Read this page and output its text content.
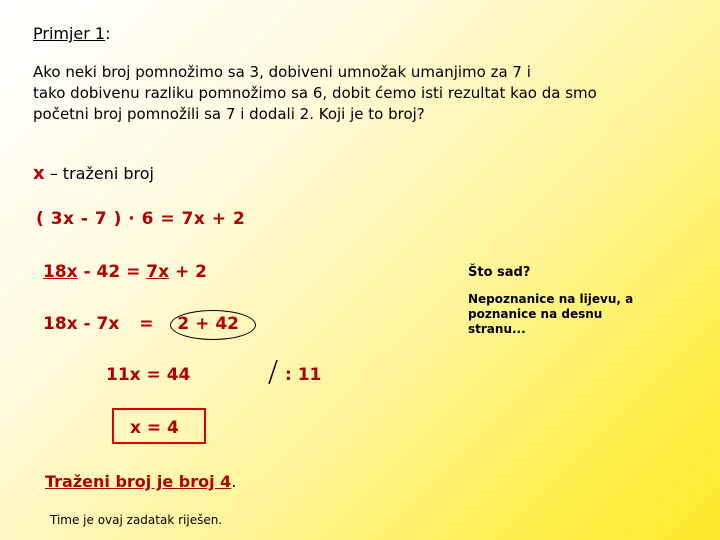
Primjer 1:
Ako neki broj pomnožimo sa 3, dobiveni umnožak umanjimo za 7 i
tako dobivenu razliku pomnožimo sa 6, dobit ćemo isti rezultat kao da smo
početni broj pomnožili sa 7 i dodali 2. Koji je to broj?
x – traženi broj
( 3x - 7 ) · 6 = 7x + 2
18x - 42 = 7x + 2
18x - 7x = 2 + 42
11x = 44	: 11
x = 4
Što sad?
Nepoznanice na lijevu, a poznanice na desnu stranu...
Traženi broj je broj 4.
Time je ovaj zadatak riješen.
